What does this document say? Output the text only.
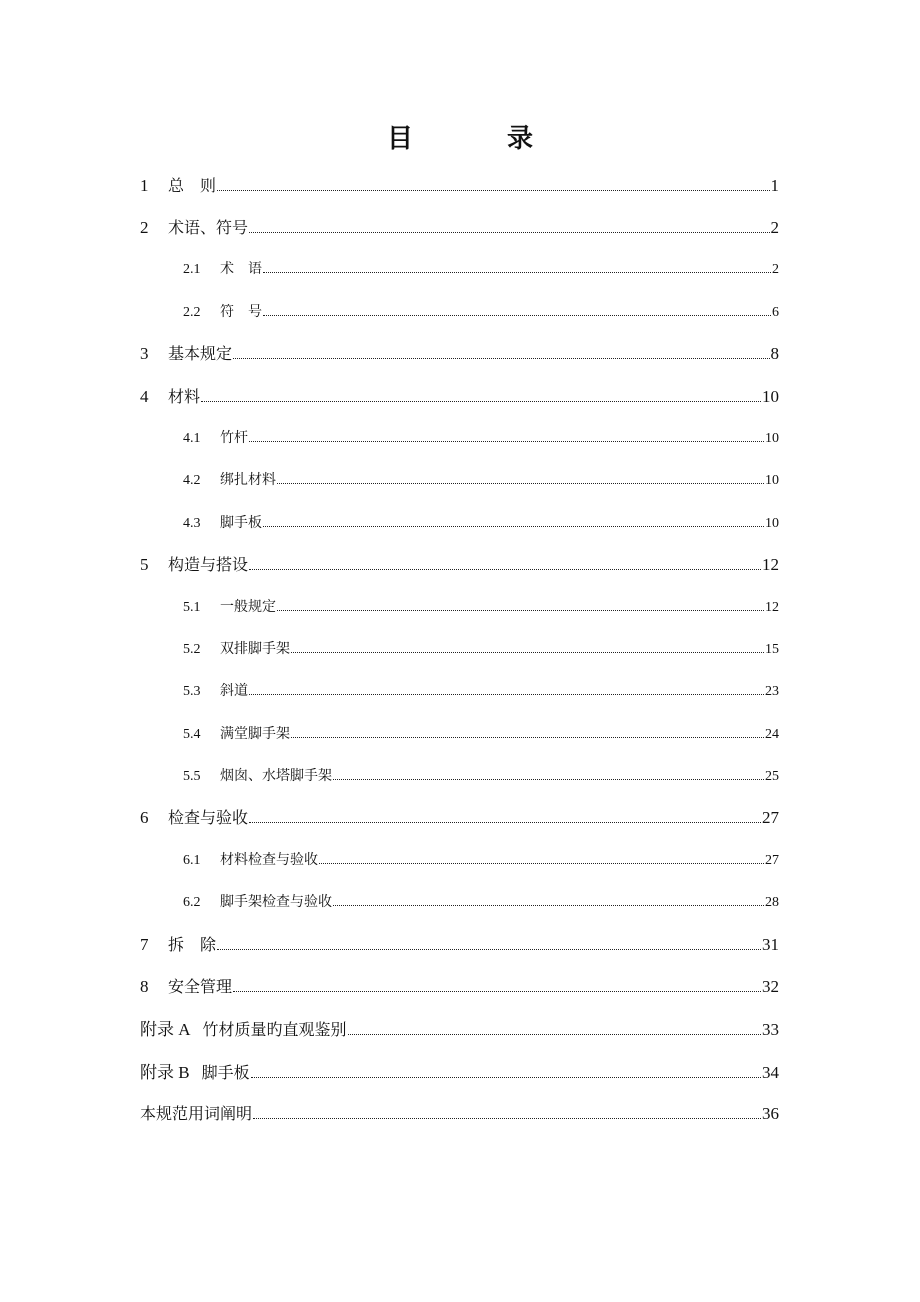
目　录
1	总　则	1
2	术语、符号	2
2.1	术　语	2
2.2	符　号	6
3	基本规定	8
4	材料	10
4.1	竹杆	10
4.2	绑扎材料	10
4.3	脚手板	10
5	构造与搭设	12
5.1	一般规定	12
5.2	双排脚手架	15
5.3	斜道	23
5.4	满堂脚手架	24
5.5	烟囱、水塔脚手架	25
6	检查与验收	27
6.1	材料检查与验收	27
6.2	脚手架检查与验收	28
7	拆　除	31
8	安全管理	32
附录 A 竹材质量旳直观鉴别	33
附录 B 脚手板	34
本规范用词阐明	36
